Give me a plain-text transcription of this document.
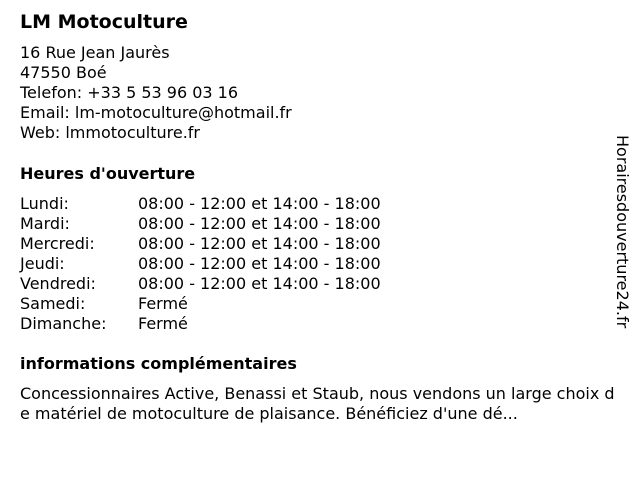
LM Motoculture
16 Rue Jean Jaurès
47550 Boé
Telefon: +33 5 53 96 03 16
Email: lm-motoculture@hotmail.fr
Web: lmmotoculture.fr
Heures d'ouverture
Lundi:	08:00 - 12:00 et 14:00 - 18:00
Mardi:	08:00 - 12:00 et 14:00 - 18:00
Mercredi:	08:00 - 12:00 et 14:00 - 18:00
Jeudi:	08:00 - 12:00 et 14:00 - 18:00
Vendredi:	08:00 - 12:00 et 14:00 - 18:00
Samedi:	Fermé
Dimanche:	Fermé
informations complémentaires
Concessionnaires Active, Benassi et Staub, nous vendons un large choix de matériel de motoculture de plaisance. Bénéficiez d'une dé...
Horairesdouverture24.fr
